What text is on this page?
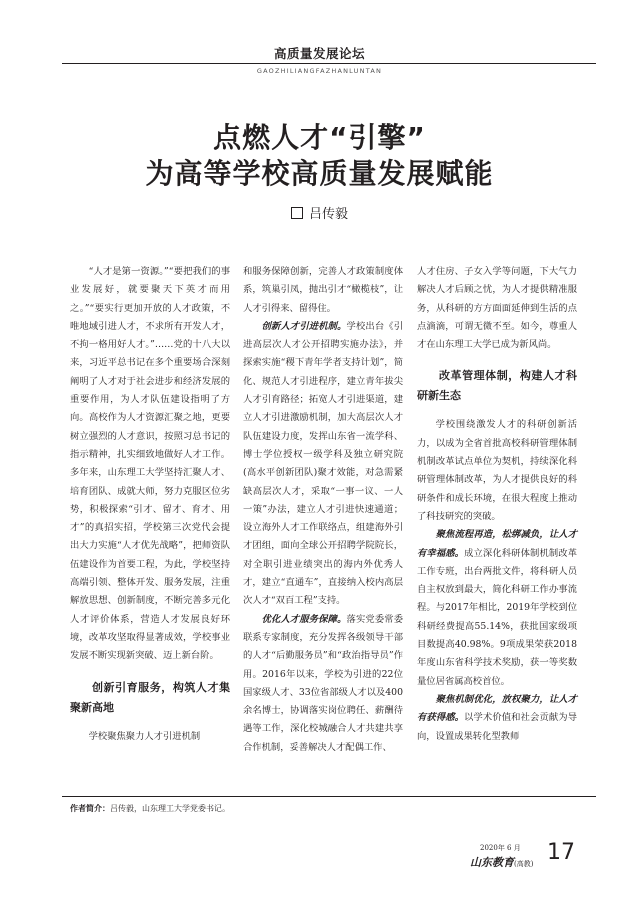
高质量发展论坛
GAOZHILIANGFAZHANLUNTAN
点燃人才“引擎”
为高等学校高质量发展赋能
吕传毅

“人才是第一资源。”“要把我们的事业发展好，就要聚天下英才而用之。”“要实行更加开放的人才政策，不唯地域引进人才，不求所有开发人才，不拘一格用好人才。”……党的十八大以来，习近平总书记在多个重要场合深刻阐明了人才对于社会进步和经济发展的重要作用，为人才队伍建设指明了方向。高校作为人才资源汇聚之地，更要树立强烈的人才意识，按照习总书记的指示精神，扎实细致地做好人才工作。多年来，山东理工大学坚持汇聚人才、培育团队、成就大师，努力克服区位劣势，积极探索“引才、留才、育才、用才”的真招实招，学校第三次党代会提出大力实施“人才优先战略”，把师资队伍建设作为首要工程，为此，学校坚持高端引领、整体开发、服务发展，注重解放思想、创新制度，不断完善多元化人才评价体系，营造人才发展良好环境，改革攻坚取得显著成效，学校事业发展不断实现新突破、迈上新台阶。

创新引育服务，构筑人才集聚新高地

学校聚焦聚力人才引进机制

和服务保障创新，完善人才政策制度体系，筑巢引凤，抛出引才“橄榄枝”，让人才引得来、留得住。

创新人才引进机制。学校出台《引进高层次人才公开招聘实施办法》，并探索实施“稷下青年学者支持计划”，简化、规范人才引进程序，建立青年拔尖人才引育路径；拓宽人才引进渠道，建立人才引进激励机制，加大高层次人才队伍建设力度，发挥山东省一流学科、博士学位授权一级学科及独立研究院(高水平创新团队)聚才效能，对急需紧缺高层次人才，采取“一事一议、一人一策”办法，建立人才引进快速通道；设立海外人才工作联络点，组建海外引才团组，面向全球公开招聘学院院长，对全职引进业绩突出的海内外优秀人才，建立“直通车”，直接纳入校内高层次人才“双百工程”支持。

优化人才服务保障。落实党委常委联系专家制度，充分发挥各级领导干部的人才“后勤服务员”和“政治指导员”作用。2016年以来，学校为引进的22位国家级人才、33位省部级人才以及400余名博士，协调落实岗位聘任、薪酬待遇等工作，深化校城融合人才共建共享合作机制，妥善解决人才配偶工作、

人才住房、子女入学等问题，下大气力解决人才后顾之忧，为人才提供精准服务，从科研的方方面面延伸到生活的点点滴滴，可谓无微不至。如今，尊重人才在山东理工大学已成为新风尚。

改革管理体制，构建人才科研新生态

学校围绕激发人才的科研创新活力，以成为全省首批高校科研管理体制机制改革试点单位为契机，持续深化科研管理体制改革，为人才提供良好的科研条件和成长环境，在很大程度上推动了科技研究的突破。

聚焦流程再造，松绑减负，让人才有幸福感。成立深化科研体制机制改革工作专班，出台两批文件，将科研人员自主权放到最大，简化科研工作办事流程。与2017年相比，2019年学校到位科研经费提高55.14%，获批国家级项目数提高40.98%。9项成果荣获2018年度山东省科学技术奖励，获一等奖数量位居省属高校首位。

聚焦机制优化，放权聚力，让人才有获得感。以学术价值和社会贡献为导向，设置成果转化型教师

作者简介：吕传毅，山东理工大学党委书记。
2020年 6 月
山东教育(高教) 17
